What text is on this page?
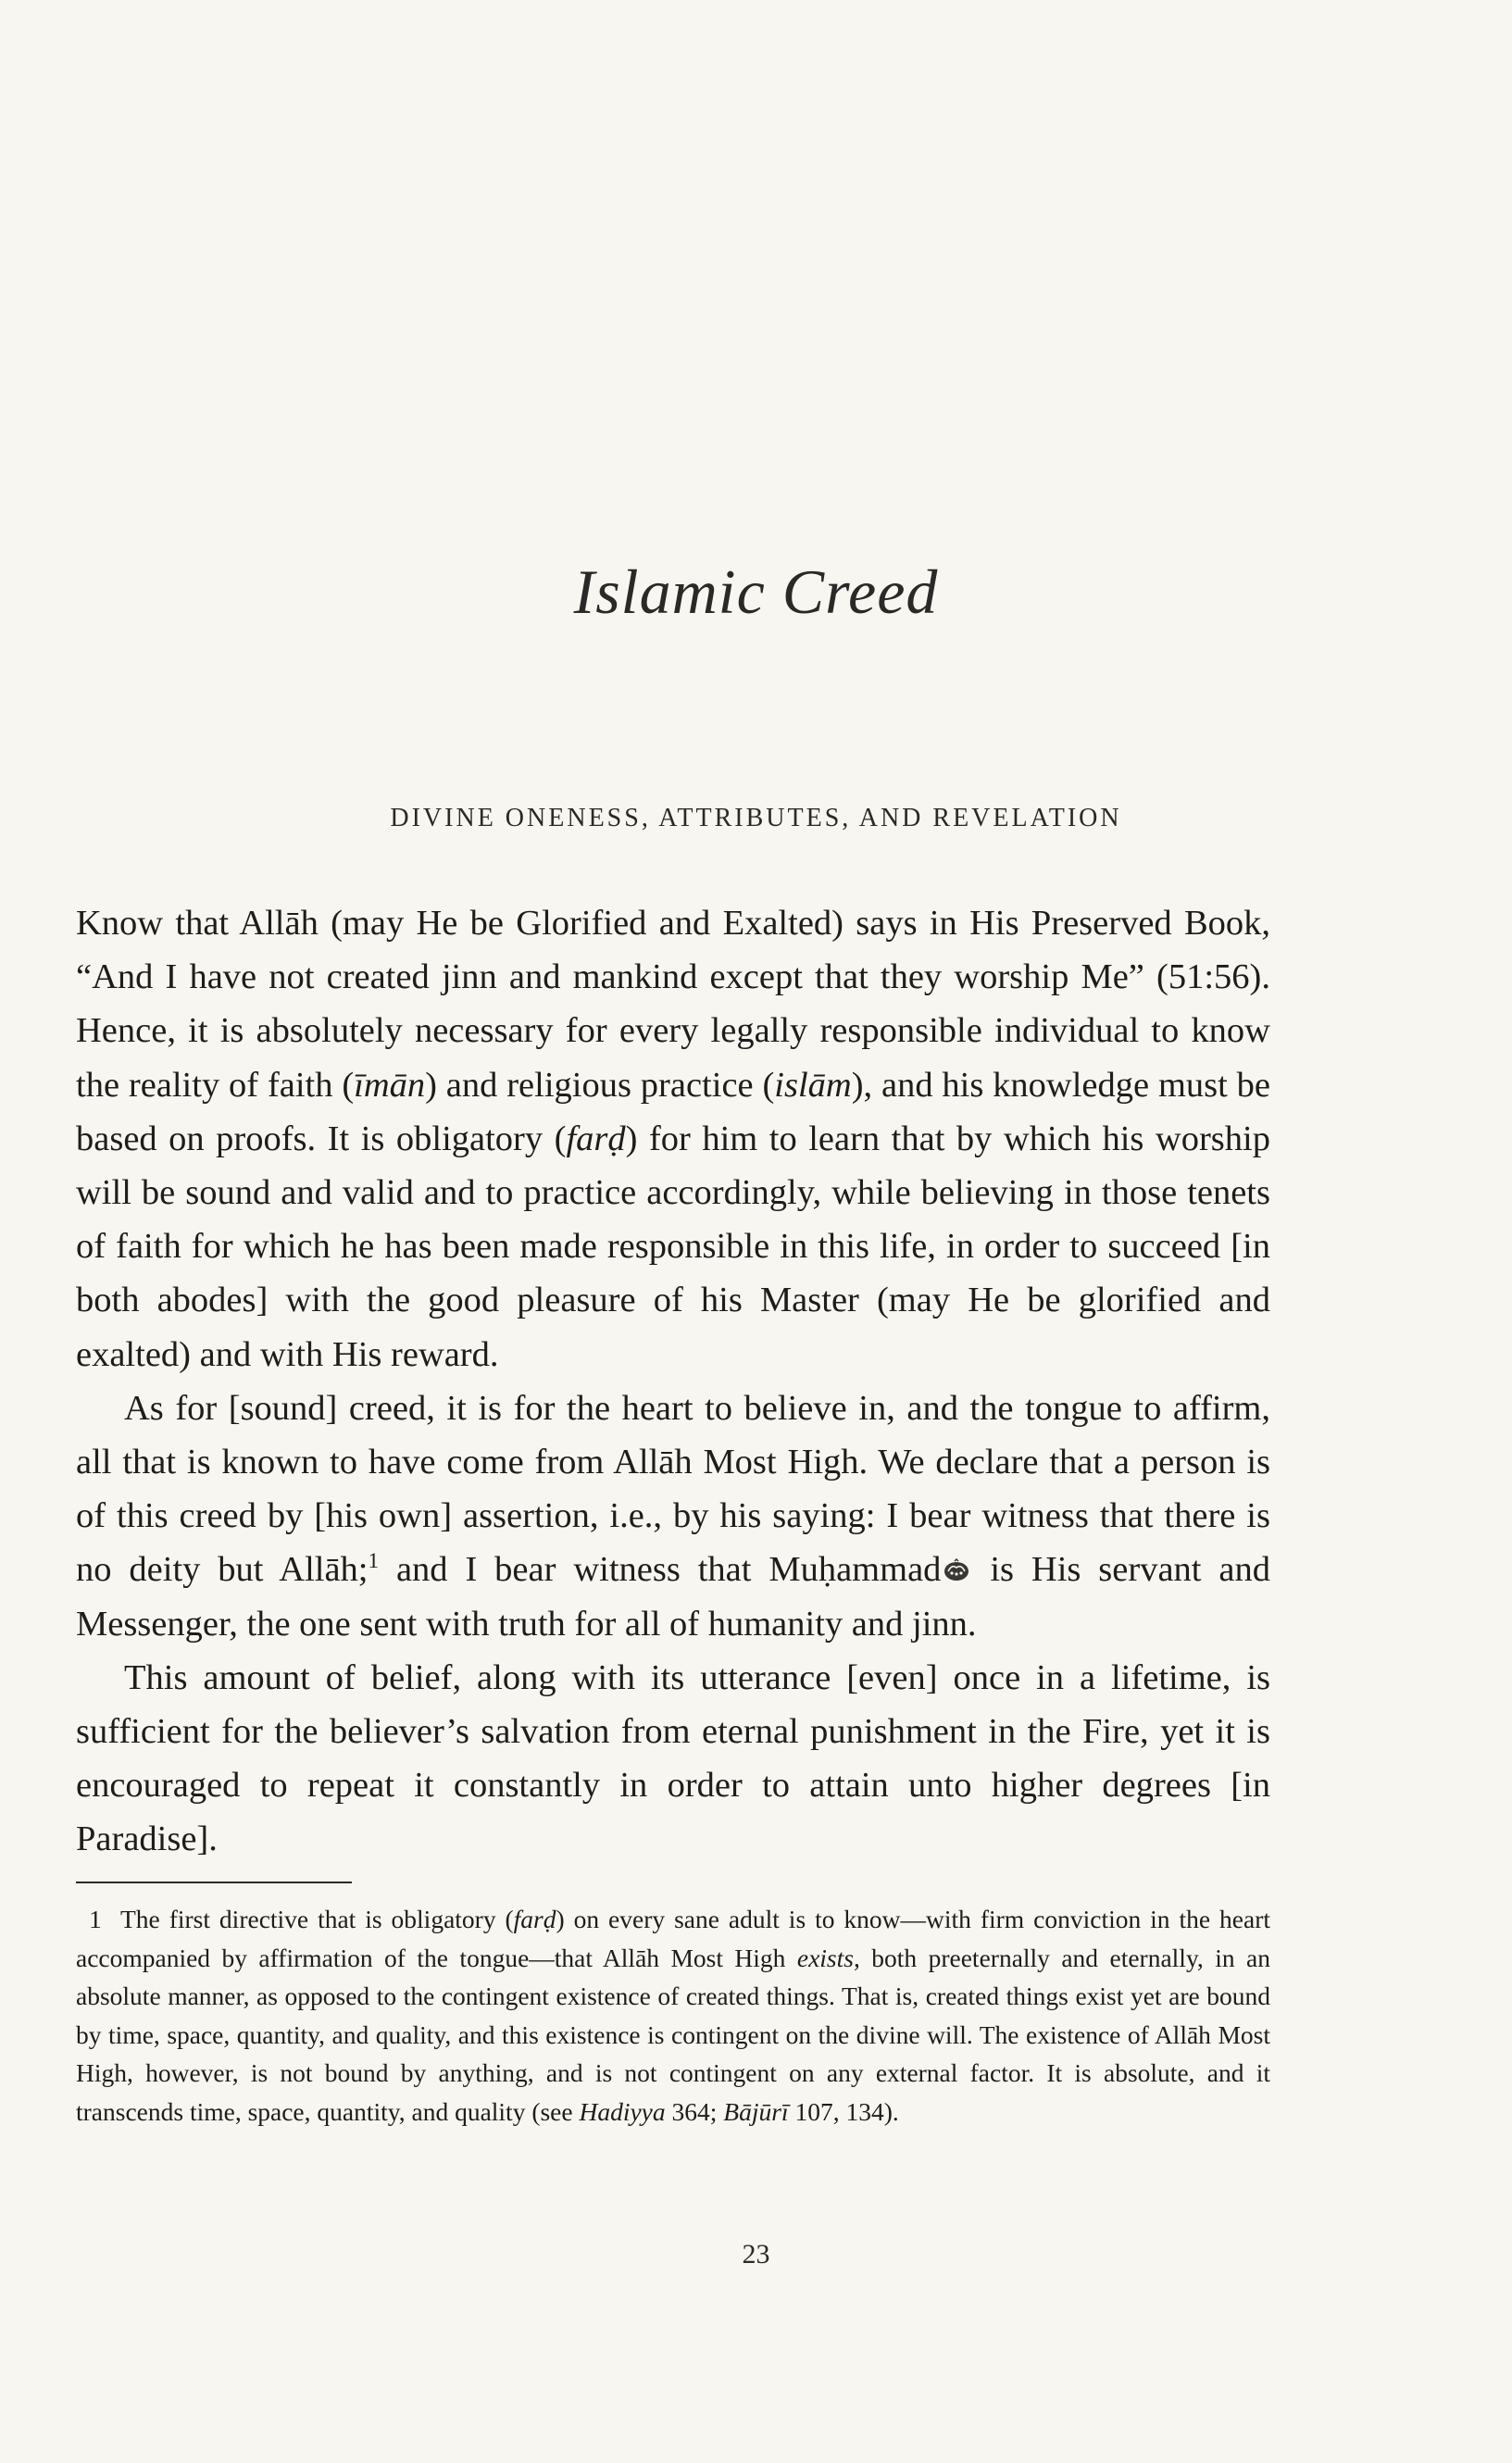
Islamic Creed
DIVINE ONENESS, ATTRIBUTES, AND REVELATION

Know that Allāh (may He be Glorified and Exalted) says in His Preserved Book, “And I have not created jinn and mankind except that they worship Me” (51:56). Hence, it is absolutely necessary for every legally responsible individual to know the reality of faith (īmān) and religious practice (islām), and his knowledge must be based on proofs. It is obligatory (farḍ) for him to learn that by which his worship will be sound and valid and to practice accordingly, while believing in those tenets of faith for which he has been made responsible in this life, in order to succeed [in both abodes] with the good pleasure of his Master (may He be glorified and exalted) and with His reward.

As for [sound] creed, it is for the heart to believe in, and the tongue to affirm, all that is known to have come from Allāh Most High. We declare that a person is of this creed by [his own] assertion, i.e., by his saying: I bear witness that there is no deity but Allāh;$^1$ and I bear witness that Muḥammad is His servant and Messenger, the one sent with truth for all of humanity and jinn.

This amount of belief, along with its utterance [even] once in a lifetime, is sufficient for the believer’s salvation from eternal punishment in the Fire, yet it is encouraged to repeat it constantly in order to attain unto higher degrees [in Paradise].

1 The first directive that is obligatory (farḍ) on every sane adult is to know—with firm conviction in the heart accompanied by affirmation of the tongue—that Allāh Most High exists, both preeternally and eternally, in an absolute manner, as opposed to the contingent existence of created things. That is, created things exist yet are bound by time, space, quantity, and quality, and this existence is contingent on the divine will. The existence of Allāh Most High, however, is not bound by anything, and is not contingent on any external factor. It is absolute, and it transcends time, space, quantity, and quality (see Hadiyya 364; Bājūrī 107, 134).
23
